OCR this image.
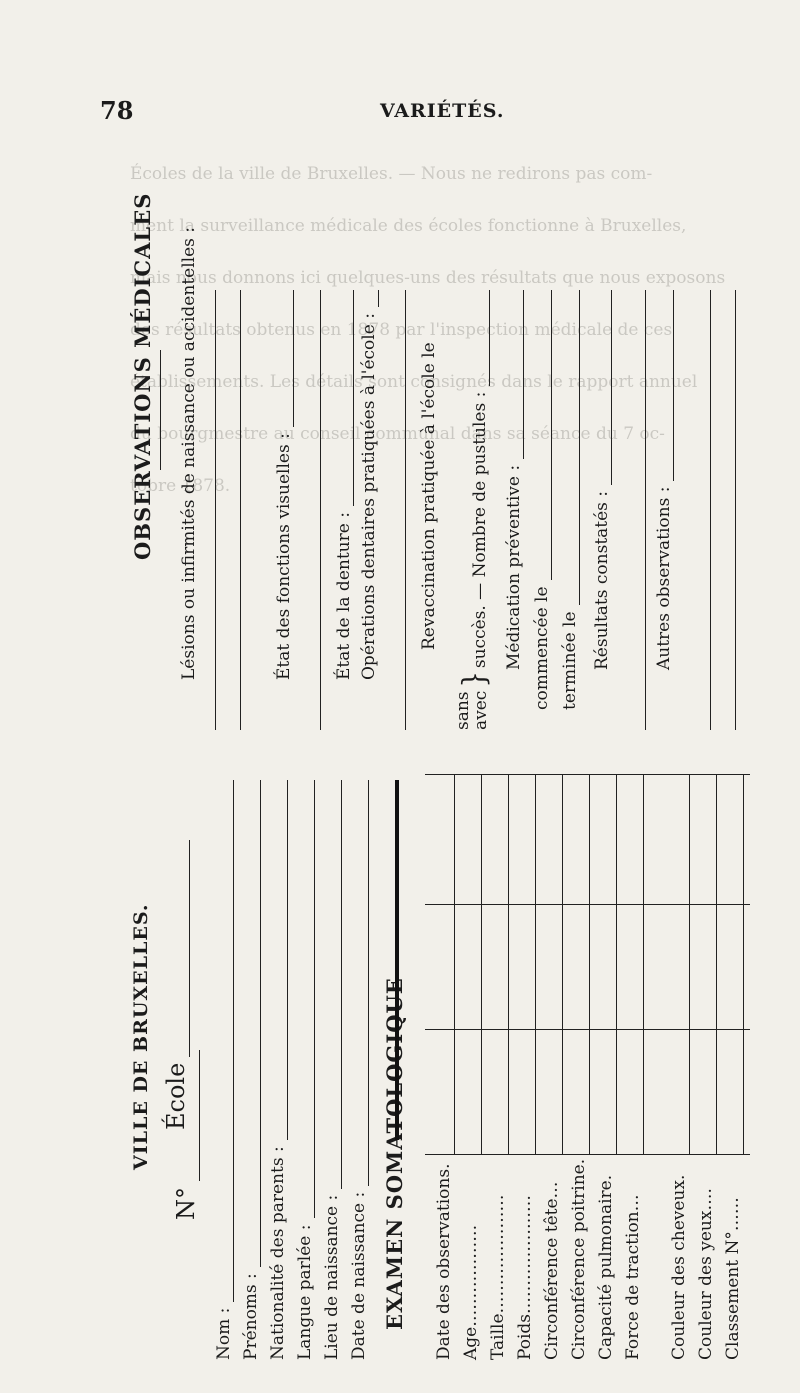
78	VARIÉTÉS.

Écoles de la ville de Bruxelles. — Nous ne redirons pas com-

ment la surveillance médicale des écoles fonctionne à Bruxelles,

mais nous donnons ici quelques-uns des résultats que nous exposons

des résultats obtenus en 1878 par l'inspection médicale de ces

établissements. Les détails sont consignés dans le rapport annuel

du bourgmestre au conseil communal dans sa séance du 7 oc-

tobre 1878.

VILLE DE BRUXELLES.
N°
École
Nom : Prénoms : Nationalité des parents : Langue parlée : Lieu de naissance : Date de naissance : EXAMEN SOMATOLOGIQUE Date des observations. Age……………… Taille………………… Poids………………… Circonférence tête… Circonférence poitrine. Capacité pulmonaire. Force de traction… Couleur des cheveux. Couleur des yeux…. Classement N°……
OBSERVATIONS MÉDICALES Lésions ou infirmités de naissance ou accidentelles :	État des fonctions visuelles : État de la denture : Opérations dentaires pratiquées à l'école : Revaccination pratiquée à l'école le
sans
avec
}
succès. — Nombre de pustules : Médication préventive : commencée le terminée le Résultats constatés : Autres observations :
